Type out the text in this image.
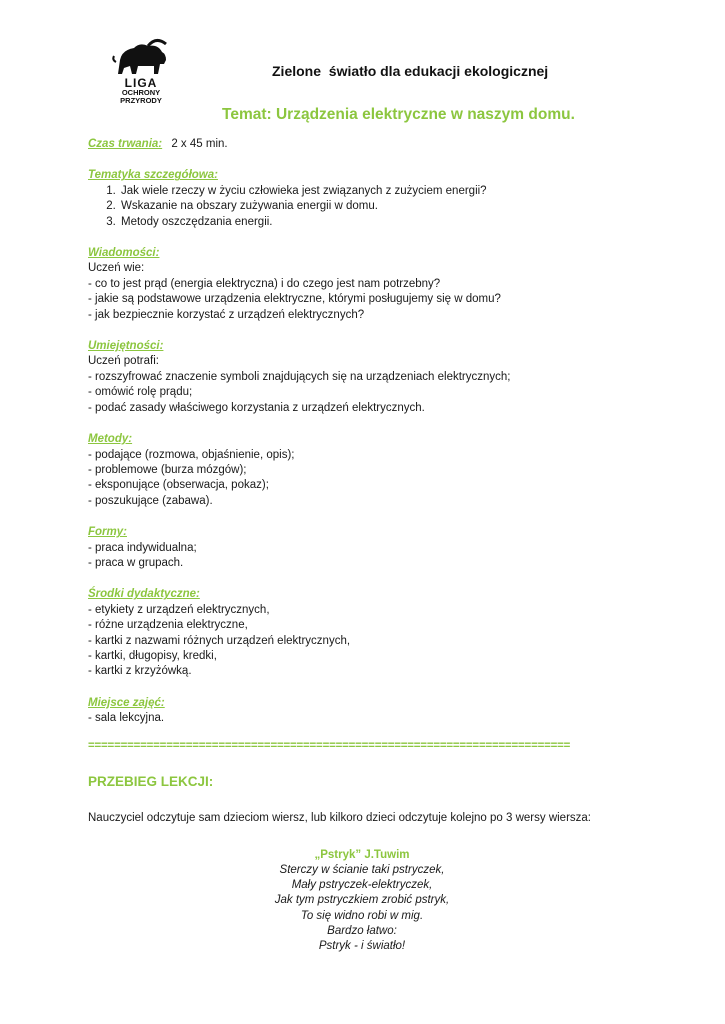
LIGA
OCHRONY
PRZYRODY
Zielone  światło dla edukacji ekologicznej
Temat: Urządzenia elektryczne w naszym domu.
Czas trwania: 2 x 45 min.
Tematyka szczegółowa:
1. Jak wiele rzeczy w życiu człowieka jest związanych z zużyciem energii?
2. Wskazanie na obszary zużywania energii w domu.
3. Metody oszczędzania energii.
Wiadomości:
Uczeń wie:
- co to jest prąd (energia elektryczna) i do czego jest nam potrzebny?
- jakie są podstawowe urządzenia elektryczne, którymi posługujemy się w domu?
- jak bezpiecznie korzystać z urządzeń elektrycznych?
Umiejętności:
Uczeń potrafi:
- rozszyfrować znaczenie symboli znajdujących się na urządzeniach elektrycznych;
- omówić rolę prądu;
- podać zasady właściwego korzystania z urządzeń elektrycznych.
Metody:
- podające (rozmowa, objaśnienie, opis);
- problemowe (burza mózgów);
- eksponujące (obserwacja, pokaz);
- poszukujące (zabawa).
Formy:
- praca indywidualna;
- praca w grupach.
Środki dydaktyczne:
- etykiety z urządzeń elektrycznych,
- różne urządzenia elektryczne,
- kartki z nazwami różnych urządzeń elektrycznych,
- kartki, długopisy, kredki,
- kartki z krzyżówką.
Miejsce zajęć:
- sala lekcyjna.
==========================================================================
PRZEBIEG LEKCJI:
Nauczyciel odczytuje sam dzieciom wiersz, lub kilkoro dzieci odczytuje kolejno po 3 wersy wiersza:
„Pstryk” J.Tuwim
Sterczy w ścianie taki pstryczek,
Mały pstryczek-elektryczek,
Jak tym pstryczkiem zrobić pstryk,
To się widno robi w mig.
Bardzo łatwo:
Pstryk - i światło!
